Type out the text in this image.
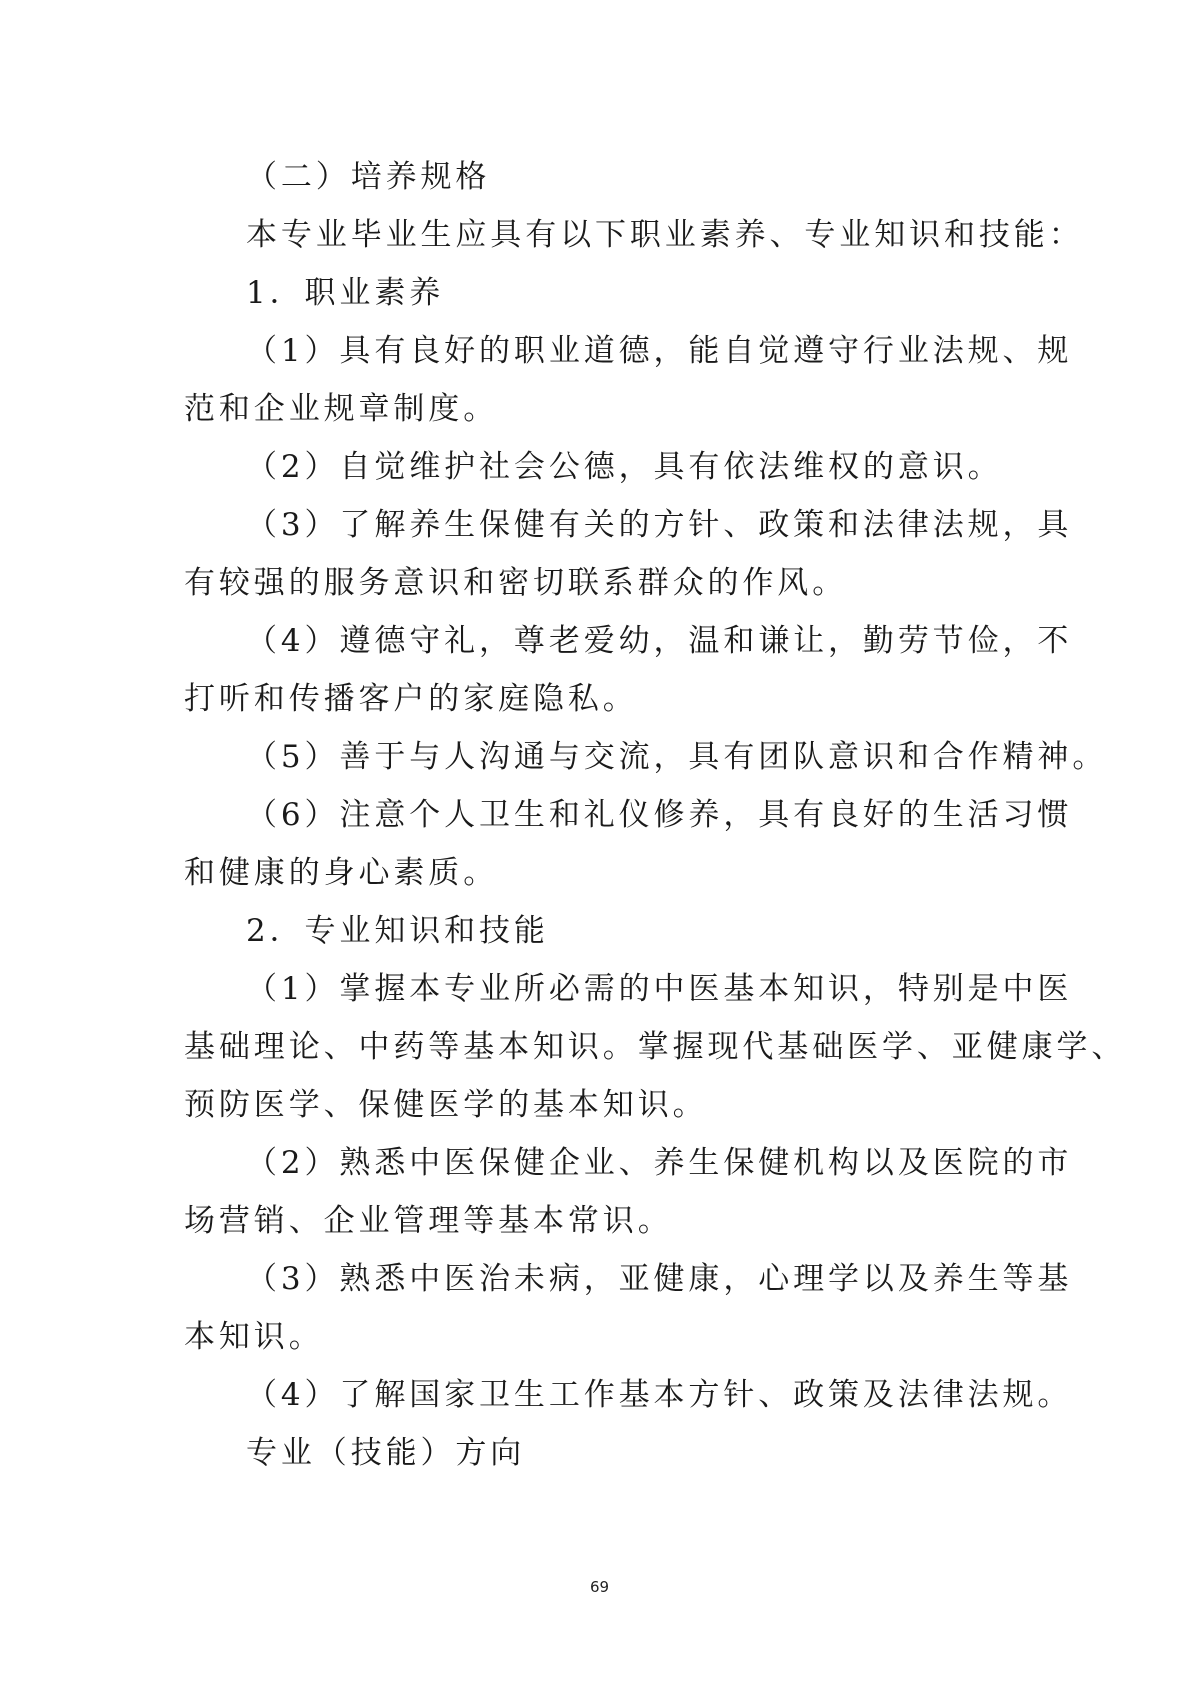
（二）培养规格
本专业毕业生应具有以下职业素养、专业知识和技能：
1．职业素养
（1）具有良好的职业道德，能自觉遵守行业法规、规
范和企业规章制度。
（2）自觉维护社会公德，具有依法维权的意识。
（3）了解养生保健有关的方针、政策和法律法规，具
有较强的服务意识和密切联系群众的作风。
（4）遵德守礼，尊老爱幼，温和谦让，勤劳节俭，不
打听和传播客户的家庭隐私。
（5）善于与人沟通与交流，具有团队意识和合作精神。
（6）注意个人卫生和礼仪修养，具有良好的生活习惯
和健康的身心素质。
2．专业知识和技能
（1）掌握本专业所必需的中医基本知识，特别是中医
基础理论、中药等基本知识。掌握现代基础医学、亚健康学、
预防医学、保健医学的基本知识。
（2）熟悉中医保健企业、养生保健机构以及医院的市
场营销、企业管理等基本常识。
（3）熟悉中医治未病，亚健康，心理学以及养生等基
本知识。
（4）了解国家卫生工作基本方针、政策及法律法规。
专业（技能）方向
69
